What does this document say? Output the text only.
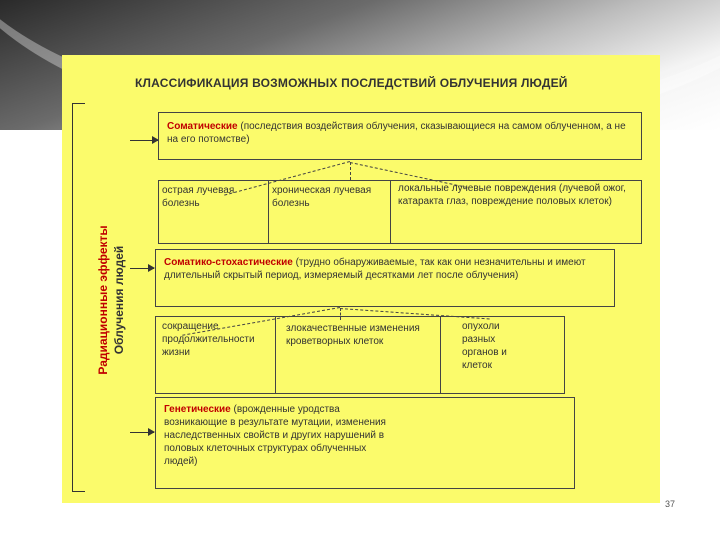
КЛАССИФИКАЦИЯ ВОЗМОЖНЫХ ПОСЛЕДСТВИЙ ОБЛУЧЕНИЯ ЛЮДЕЙ
Радиационные эффекты Облучения людей
Соматические (последствия воздействия облучения, сказывающиеся на самом облученном, а не на его потомстве)
острая лучевая болезнь
хроническая лучевая болезнь
локальные лучевые повреждения (лучевой ожог, катаракта глаз, повреждение половых клеток)
Соматико-стохастические (трудно обнаруживаемые, так как они незначительны и имеют длительный скрытый период, измеряемый десятками лет после облучения)
сокращение продолжительности жизни
злокачественные изменения кроветворных клеток
опухоли разных органов и клеток
Генетические (врожденные уродства возникающие в результате мутации, изменения наследственных свойств и других нарушений в половых клеточных структурах облученных людей)
37
